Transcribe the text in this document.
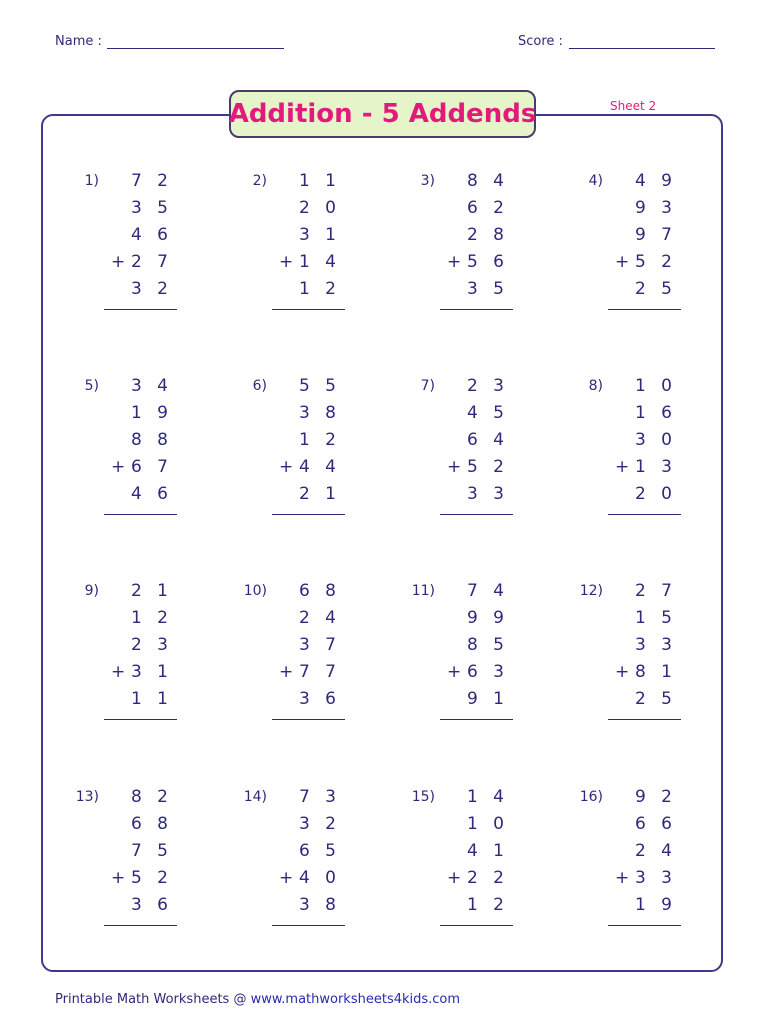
Name :	Score :
Addition - 5 Addends	Sheet 2
1)	7 2
3 5
4 6
2 7
3 2
+
2)	1 1
2 0
3 1
1 4
1 2
+
3)	8 4
6 2
2 8
5 6
3 5
+
4)	4 9
9 3
9 7
5 2
2 5
+
5)	3 4
1 9
8 8
6 7
4 6
+
6)	5 5
3 8
1 2
4 4
2 1
+
7)	2 3
4 5
6 4
5 2
3 3
+
8)	1 0
1 6
3 0
1 3
2 0
+
9)	2 1
1 2
2 3
3 1
1 1
+
10)	6 8
2 4
3 7
7 7
3 6
+
11)	7 4
9 9
8 5
6 3
9 1
+
12)	2 7
1 5
3 3
8 1
2 5
+
13)	8 2
6 8
7 5
5 2
3 6
+
14)	7 3
3 2
6 5
4 0
3 8
+
15)	1 4
1 0
4 1
2 2
1 2
+
16)	9 2
6 6
2 4
3 3
1 9
+
Printable Math Worksheets @ www.mathworksheets4kids.com
